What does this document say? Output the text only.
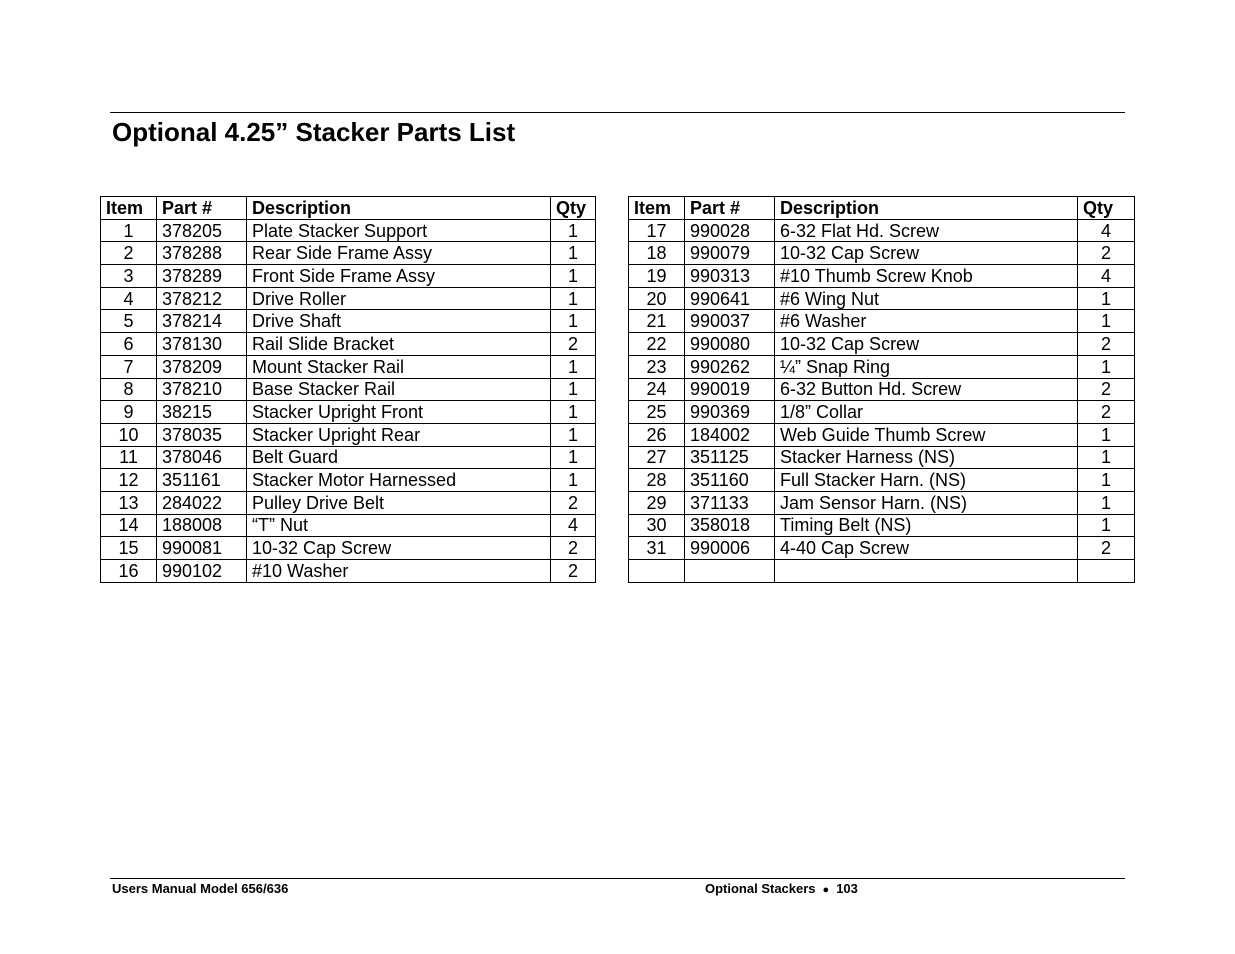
Optional 4.25” Stacker Parts List
Item	Part #	Description	Qty
1	378205	Plate Stacker Support	1
2	378288	Rear Side Frame Assy	1
3	378289	Front Side Frame Assy	1
4	378212	Drive Roller	1
5	378214	Drive Shaft	1
6	378130	Rail Slide Bracket	2
7	378209	Mount Stacker Rail	1
8	378210	Base Stacker Rail	1
9	38215	Stacker Upright Front	1
10	378035	Stacker Upright Rear	1
11	378046	Belt Guard	1
12	351161	Stacker Motor Harnessed	1
13	284022	Pulley Drive Belt	2
14	188008	“T” Nut	4
15	990081	10-32 Cap Screw	2
16	990102	#10 Washer	2
Item	Part #	Description	Qty
17	990028	6-32 Flat Hd. Screw	4
18	990079	10-32 Cap Screw	2
19	990313	#10 Thumb Screw Knob	4
20	990641	#6 Wing Nut	1
21	990037	#6 Washer	1
22	990080	10-32 Cap Screw	2
23	990262	¼” Snap Ring	1
24	990019	6-32 Button Hd. Screw	2
25	990369	1/8” Collar	2
26	184002	Web Guide Thumb Screw	1
27	351125	Stacker Harness (NS)	1
28	351160	Full Stacker Harn. (NS)	1
29	371133	Jam Sensor Harn. (NS)	1
30	358018	Timing Belt (NS)	1
31	990006	4-40 Cap Screw	2

Users Manual Model 656/636	Optional Stackers ● 103
